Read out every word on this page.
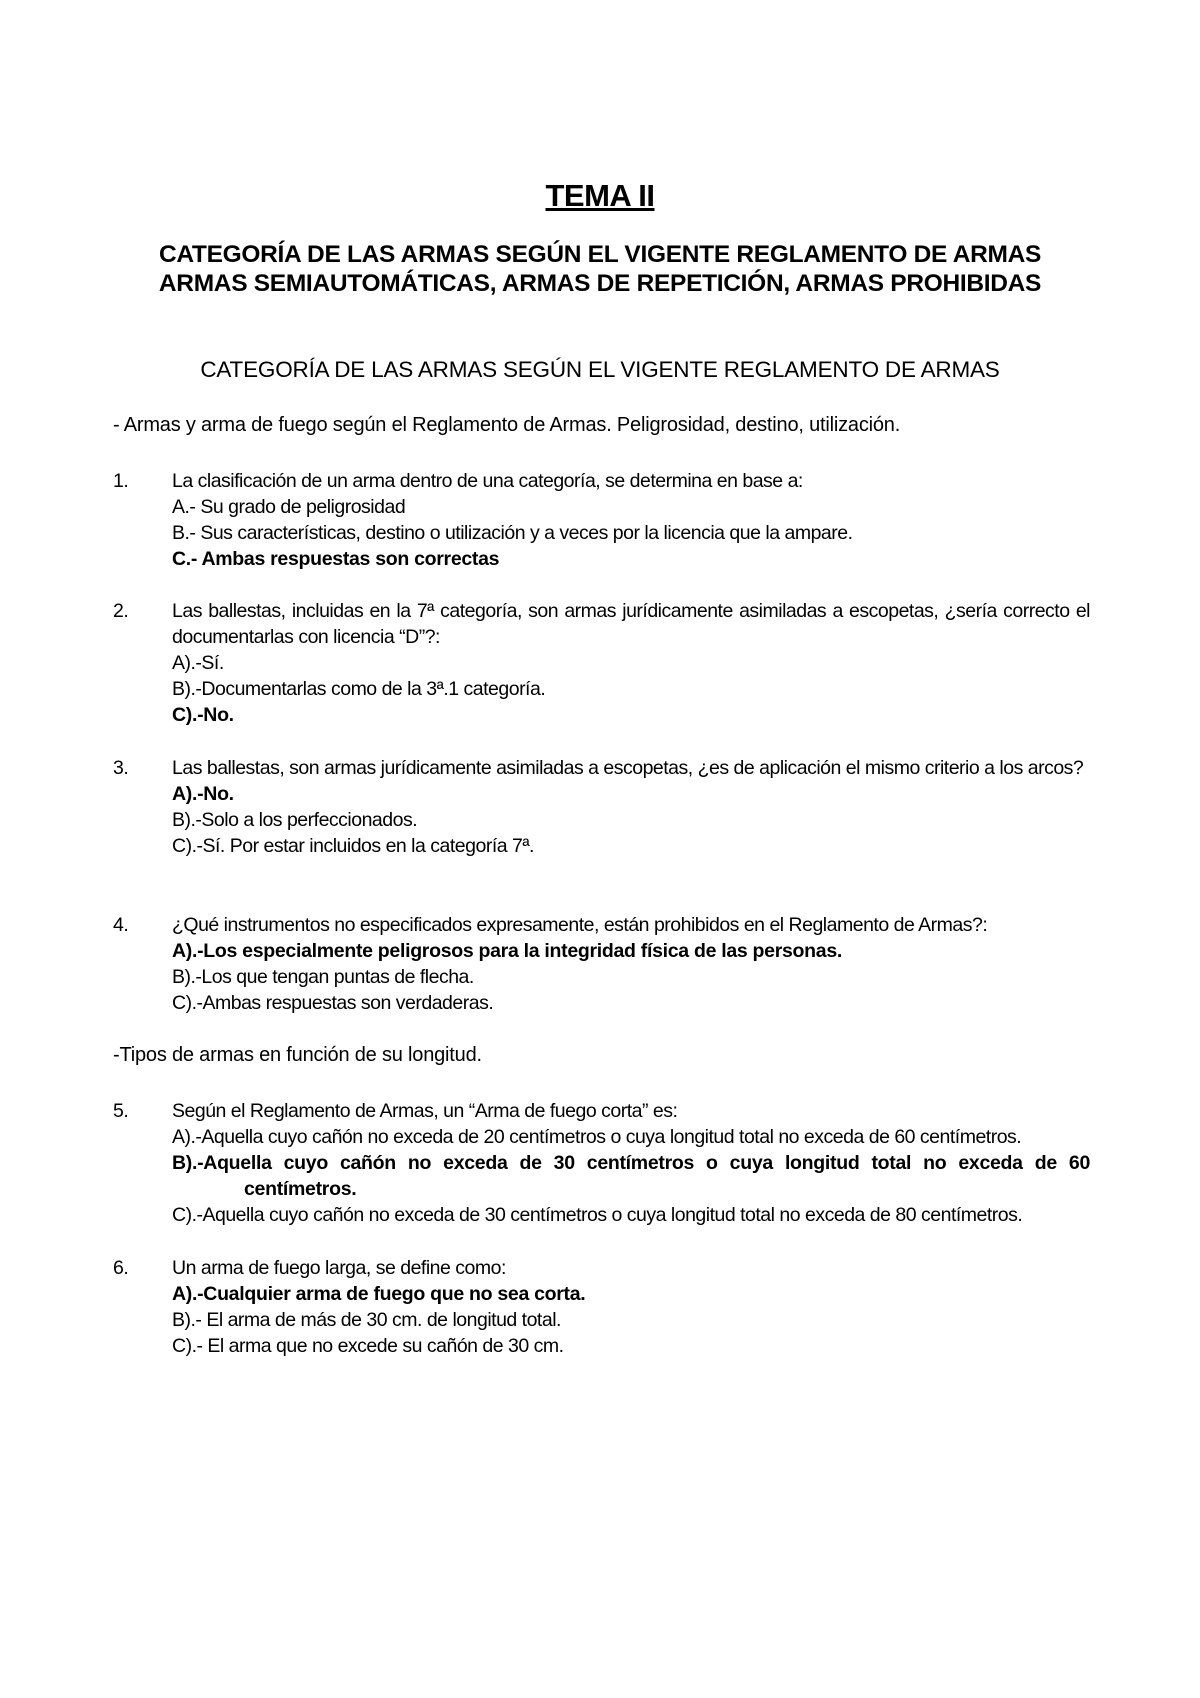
TEMA II
CATEGORÍA DE LAS ARMAS SEGÚN EL VIGENTE REGLAMENTO DE ARMAS
ARMAS SEMIAUTOMÁTICAS, ARMAS DE REPETICIÓN, ARMAS PROHIBIDAS
CATEGORÍA DE LAS ARMAS SEGÚN EL VIGENTE REGLAMENTO DE ARMAS
- Armas y arma de fuego según el Reglamento de Armas. Peligrosidad, destino, utilización.
1. La clasificación de un arma dentro de una categoría, se determina en base a:
A.- Su grado de peligrosidad
B.- Sus características, destino o utilización y a veces por la licencia que la ampare.
C.- Ambas respuestas son correctas
2. Las ballestas, incluidas en la 7ª categoría, son armas jurídicamente asimiladas a escopetas, ¿sería correcto el documentarlas con licencia “D”?:
A).-Sí.
B).-Documentarlas como de la 3ª.1 categoría.
C).-No.
3. Las ballestas, son armas jurídicamente asimiladas a escopetas, ¿es de aplicación el mismo criterio a los arcos?
A).-No.
B).-Solo a los perfeccionados.
C).-Sí. Por estar incluidos en la categoría 7ª.
4. ¿Qué instrumentos no especificados expresamente, están prohibidos en el Reglamento de Armas?:
A).-Los especialmente peligrosos para la integridad física de las personas.
B).-Los que tengan puntas de flecha.
C).-Ambas respuestas son verdaderas.
-Tipos de armas en función de su longitud.
5. Según el Reglamento de Armas, un “Arma de fuego corta” es:
A).-Aquella cuyo cañón no exceda de 20 centímetros o cuya longitud total no exceda de 60 centímetros.
B).-Aquella cuyo cañón no exceda de 30 centímetros o cuya longitud total no exceda de 60 centímetros.
C).-Aquella cuyo cañón no exceda de 30 centímetros o cuya longitud total no exceda de 80 centímetros.
6. Un arma de fuego larga, se define como:
A).-Cualquier arma de fuego que no sea corta.
B).- El arma de más de 30 cm. de longitud total.
C).- El arma que no excede su cañón de 30 cm.
